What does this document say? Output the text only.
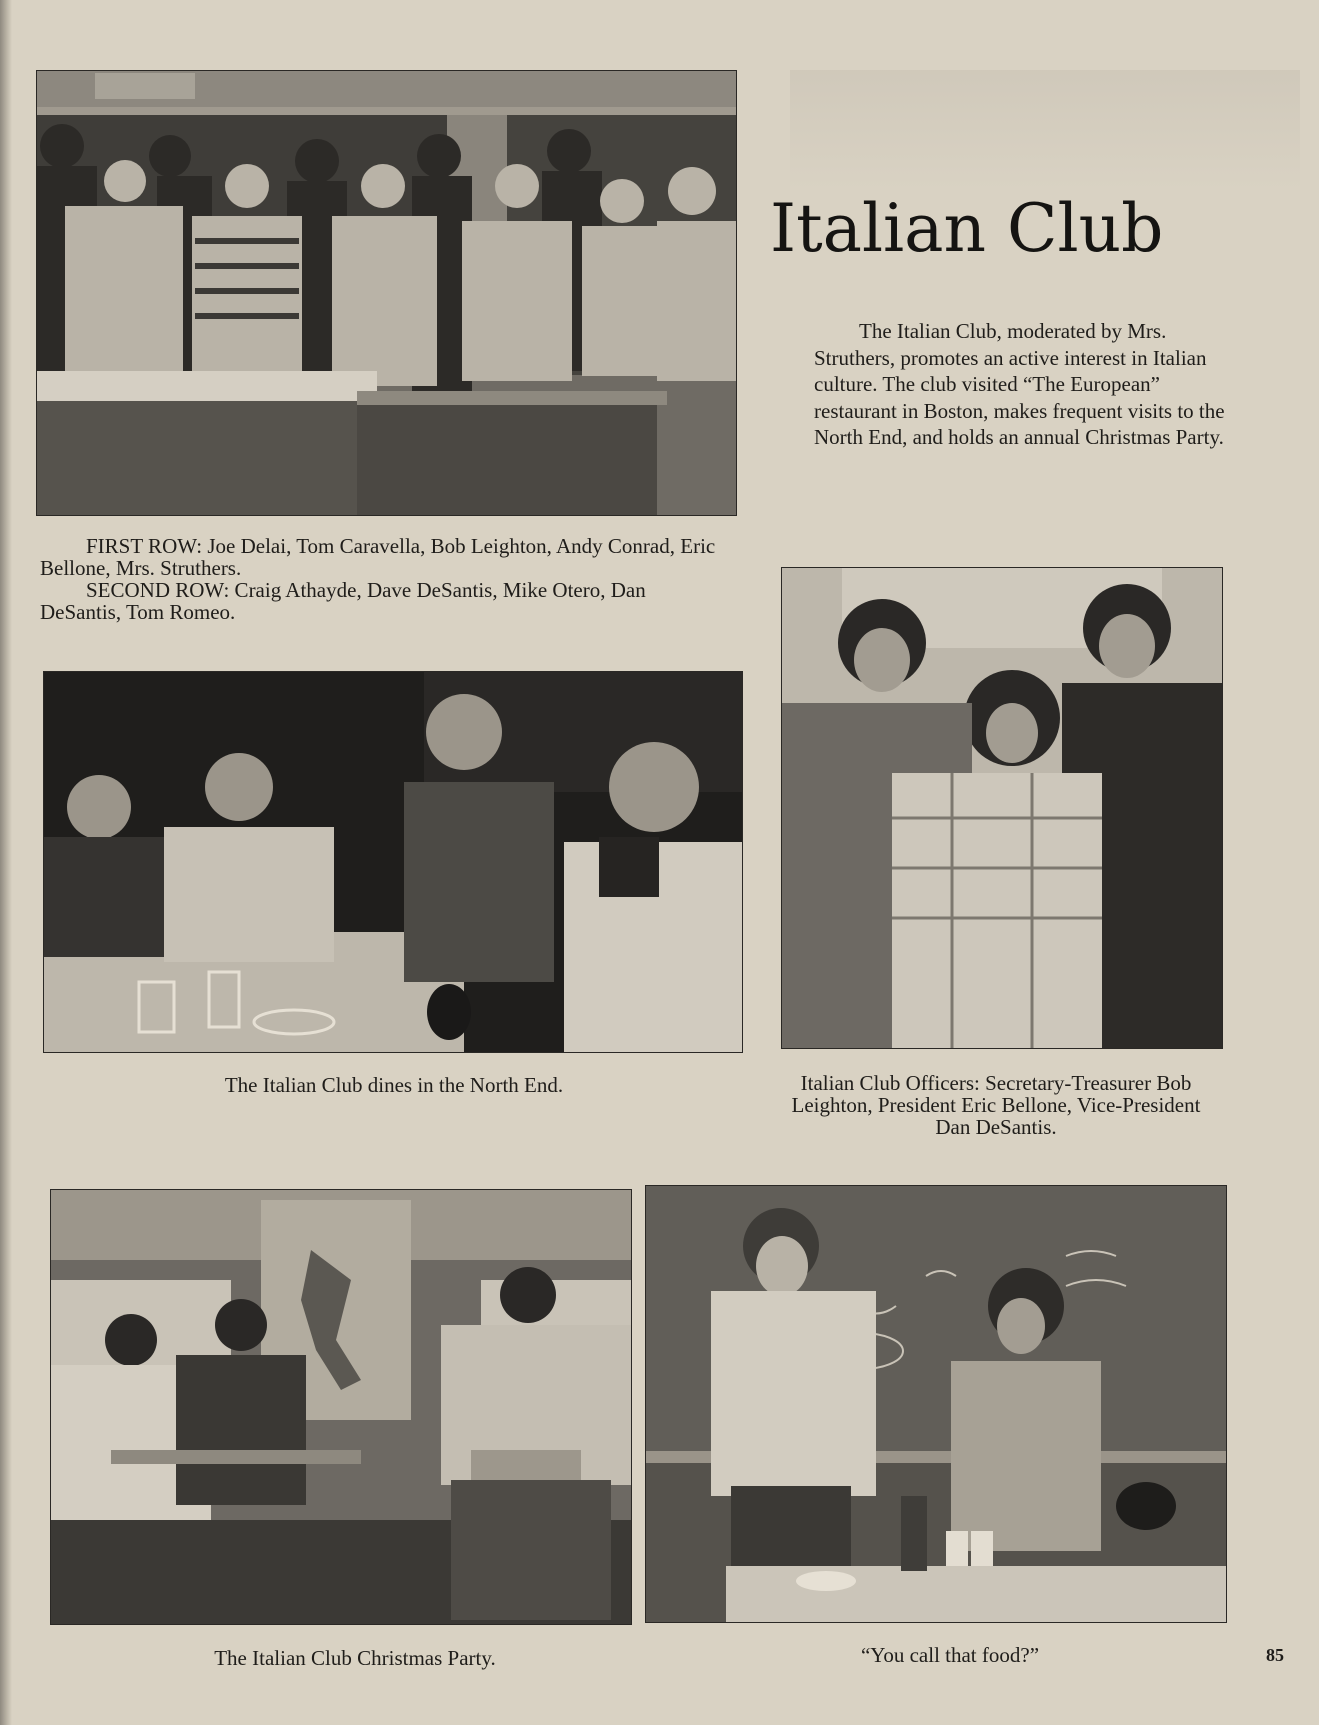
Italian Club

The Italian Club, moderated by Mrs. Struthers, promotes an active interest in Italian culture. The club visited “The European” restaurant in Boston, makes frequent visits to the North End, and holds an annual Christmas Party.

FIRST ROW: Joe Delai, Tom Caravella, Bob Leighton, Andy Conrad, Eric Bellone, Mrs. Struthers.

SECOND ROW: Craig Athayde, Dave DeSantis, Mike Otero, Dan DeSantis, Tom Romeo.

The Italian Club dines in the North End.	Italian Club Officers: Secretary-Treasurer Bob Leighton, President Eric Bellone, Vice-President Dan DeSantis.
The Italian Club Christmas Party.	“You call that food?”	85
